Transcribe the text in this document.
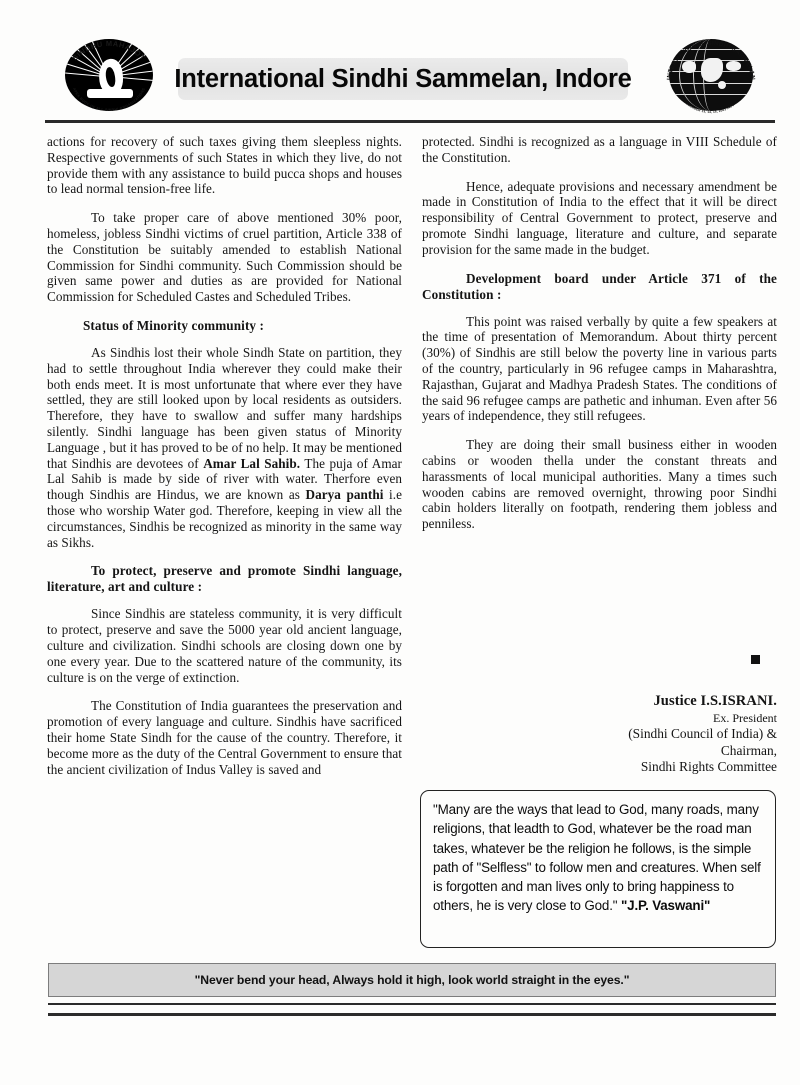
SINDHU MAHAJOT
APEX BODY OF ALL SINDHI ORGANIZATIONS International Sindhi Sammelan, Indore	INTERNATIONAL SINDHI SAMMELAN
DECEMBER 13, 14, 15, 2003 INDORE

actions for recovery of such taxes giving them sleepless nights. Respective governments of such States in which they live, do not provide them with any assistance to build pucca shops and houses to lead normal tension-free life.

To take proper care of above mentioned 30% poor, homeless, jobless Sindhi victims of cruel partition, Article 338 of the Constitution be suitably amended to establish National Commission for Sindhi community. Such Commission should be given same power and duties as are provided for National Commission for Scheduled Castes and Scheduled Tribes.

Status of Minority community :

As Sindhis lost their whole Sindh State on partition, they had to settle throughout India wherever they could make their both ends meet. It is most unfortunate that where ever they have settled, they are still looked upon by local residents as outsiders. Therefore, they have to swallow and suffer many hardships silently. Sindhi language has been given status of Minority Language , but it has proved to be of no help. It may be mentioned that Sindhis are devotees of Amar Lal Sahib. The puja of Amar Lal Sahib is made by side of river with water. Therfore even though Sindhis are Hindus, we are known as Darya panthi i.e those who worship Water god. Therefore, keeping in view all the circumstances, Sindhis be recognized as minority in the same way as Sikhs.

To protect, preserve and promote Sindhi language, literature, art and culture :

Since Sindhis are stateless community, it is very difficult to protect, preserve and save the 5000 year old ancient language, culture and civilization. Sindhi schools are closing down one by one every year. Due to the scattered nature of the community, its culture is on the verge of extinction.

The Constitution of India guarantees the preservation and promotion of every language and culture. Sindhis have sacrificed their home State Sindh for the cause of the country. Therefore, it become more as the duty of the Central Government to ensure that the ancient civilization of Indus Valley is saved and

protected. Sindhi is recognized as a language in VIII Schedule of the Constitution.

Hence, adequate provisions and necessary amendment be made in Constitution of India to the effect that it will be direct responsibility of Central Government to protect, preserve and promote Sindhi language, literature and culture, and separate provision for the same made in the budget.

Development board under Article 371 of the Constitution :

This point was raised verbally by quite a few speakers at the time of presentation of Memorandum. About thirty percent (30%) of Sindhis are still below the poverty line in various parts of the country, particularly in 96 refugee camps in Maharashtra, Rajasthan, Gujarat and Madhya Pradesh States. The conditions of the said 96 refugee camps are pathetic and inhuman. Even after 56 years of independence, they still refugees.

They are doing their small business either in wooden cabins or wooden thella under the constant threats and harassments of local municipal authorities. Many a times such wooden cabins are removed overnight, throwing poor Sindhi cabin holders literally on footpath, rendering them jobless and penniless.

Justice I.S.ISRANI.
Ex. President
(Sindhi Council of India) &
Chairman,
Sindhi Rights Committee
"Many are the ways that lead to God, many roads, many religions, that leadth to God, whatever be the road man takes, whatever be the religion he follows, is the simple path of "Selfless" to follow men and creatures. When self is forgotten and man lives only to bring happiness to others, he is very close to God." "J.P. Vaswani"
"Never bend your head, Always hold it high, look world straight in the eyes."
